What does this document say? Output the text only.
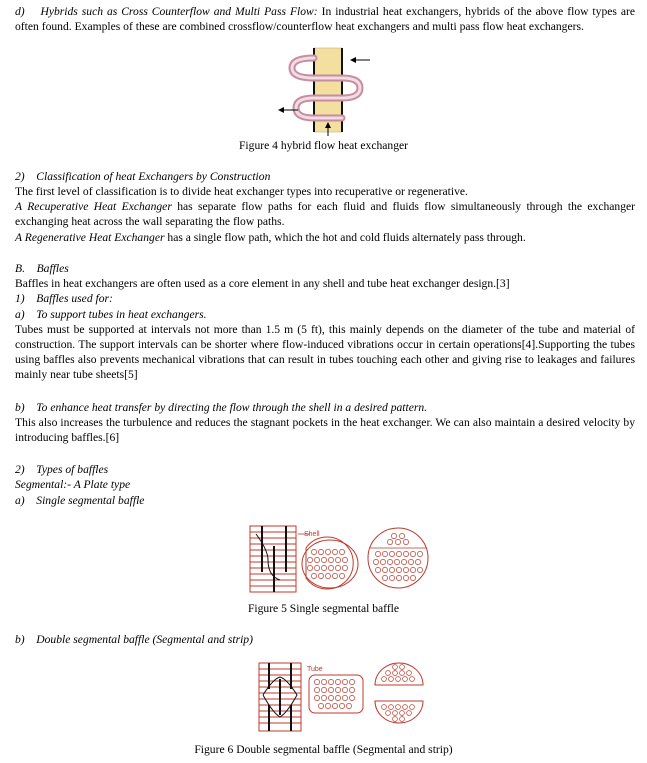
d) Hybrids such as Cross Counterflow and Multi Pass Flow: In industrial heat exchangers, hybrids of the above flow types are often found. Examples of these are combined crossflow/counterflow heat exchangers and multi pass flow heat exchangers.
Figure 4 hybrid flow heat exchanger
2) Classification of heat Exchangers by Construction
The first level of classification is to divide heat exchanger types into recuperative or regenerative.
A Recuperative Heat Exchanger has separate flow paths for each fluid and fluids flow simultaneously through the exchanger exchanging heat across the wall separating the flow paths.
A Regenerative Heat Exchanger has a single flow path, which the hot and cold fluids alternately pass through.
B. Baffles
Baffles in heat exchangers are often used as a core element in any shell and tube heat exchanger design.[3]
1) Baffles used for:
a) To support tubes in heat exchangers.
Tubes must be supported at intervals not more than 1.5 m (5 ft), this mainly depends on the diameter of the tube and material of construction. The support intervals can be shorter where flow-induced vibrations occur in certain operations[4].Supporting the tubes using baffles also prevents mechanical vibrations that can result in tubes touching each other and giving rise to leakages and failures mainly near tube sheets[5]
b) To enhance heat transfer by directing the flow through the shell in a desired pattern.
This also increases the turbulence and reduces the stagnant pockets in the heat exchanger. We can also maintain a desired velocity by introducing baffles.[6]
2) Types of baffles
Segmental:- A Plate type
a) Single segmental baffle
Shell
Figure 5 Single segmental baffle
b) Double segmental baffle (Segmental and strip)
Tube
Figure 6 Double segmental baffle (Segmental and strip)
